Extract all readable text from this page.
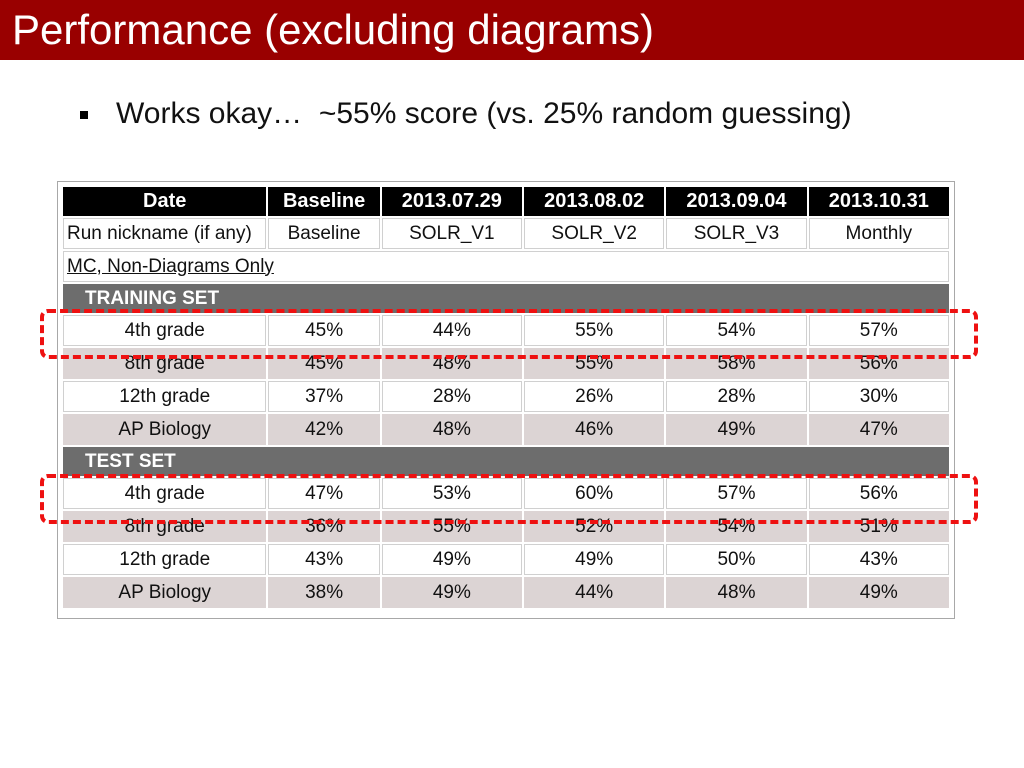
Performance (excluding diagrams)
Works okay…  ~55% score (vs. 25% random guessing)
Date	Baseline	2013.07.29	2013.08.02	2013.09.04	2013.10.31
Run nickname (if any)	Baseline	SOLR_V1	SOLR_V2	SOLR_V3	Monthly
MC, Non-Diagrams Only					
TRAINING SET					
4th grade	45%	44%	55%	54%	57%
8th grade	45%	48%	55%	58%	56%
12th grade	37%	28%	26%	28%	30%
AP Biology	42%	48%	46%	49%	47%
TEST SET					
4th grade	47%	53%	60%	57%	56%
8th grade	36%	55%	52%	54%	51%
12th grade	43%	49%	49%	50%	43%
AP Biology	38%	49%	44%	48%	49%
